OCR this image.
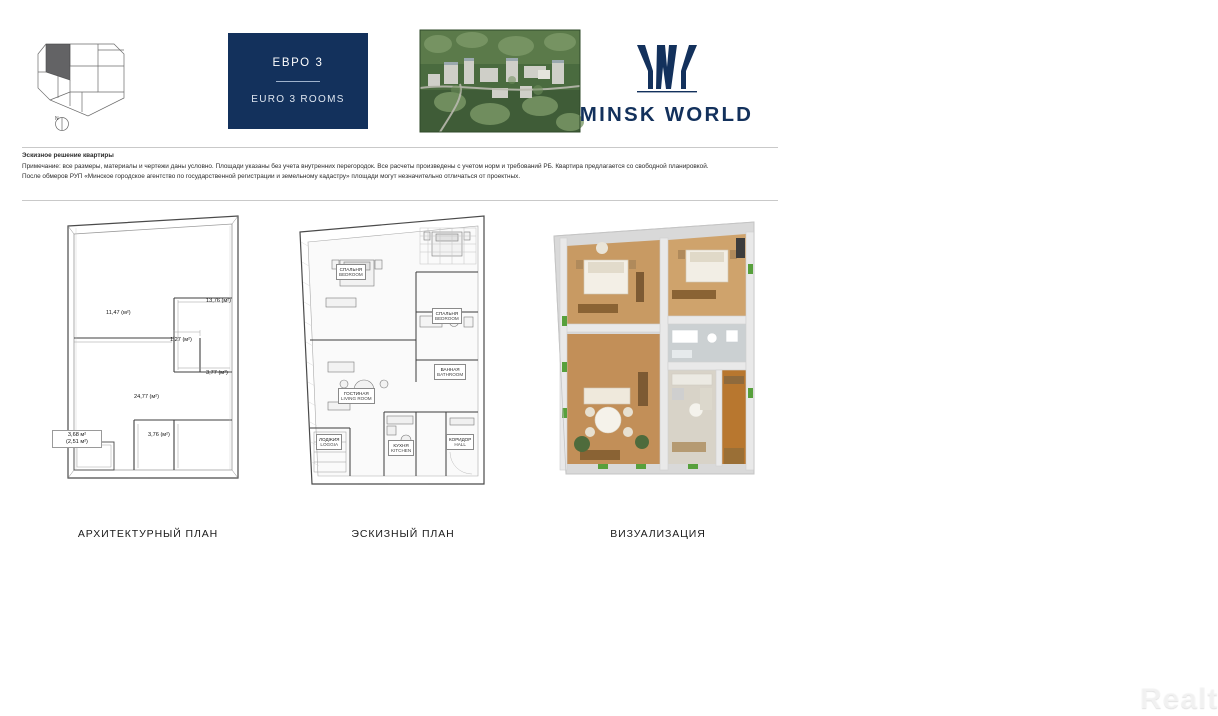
N
ЕВРО 3
EURO 3 ROOMS
MINSK WORLD
Эскизное решение квартиры
Примечание: все размеры, материалы и чертежи даны условно. Площади указаны без учета внутренних перегородок. Все расчеты произведены с учетом норм и требований РБ. Квартира предлагается со свободной планировкой.
После обмеров РУП «Минское городское агентство по государственной регистрации и земельному кадастру» площади могут незначительно отличаться от проектных.
11,47 (м²)
13,76 (м²)
1,27 (м²)
3,77 (м²)
24,77 (м²)
3,76 (м²)
3,68 м²
(2,51 м²)
СПАЛЬНЯ
BEDROOM
СПАЛЬНЯ
BEDROOM
ВАННАЯ
BATHROOM
ГОСТИНАЯ
LIVING ROOM
ЛОДЖИЯ
LOGGIA	КУХНЯ
KITCHEN
КОРИДОР
HALL
Realt
АРХИТЕКТУРНЫЙ ПЛАН	ЭСКИЗНЫЙ ПЛАН	ВИЗУАЛИЗАЦИЯ
